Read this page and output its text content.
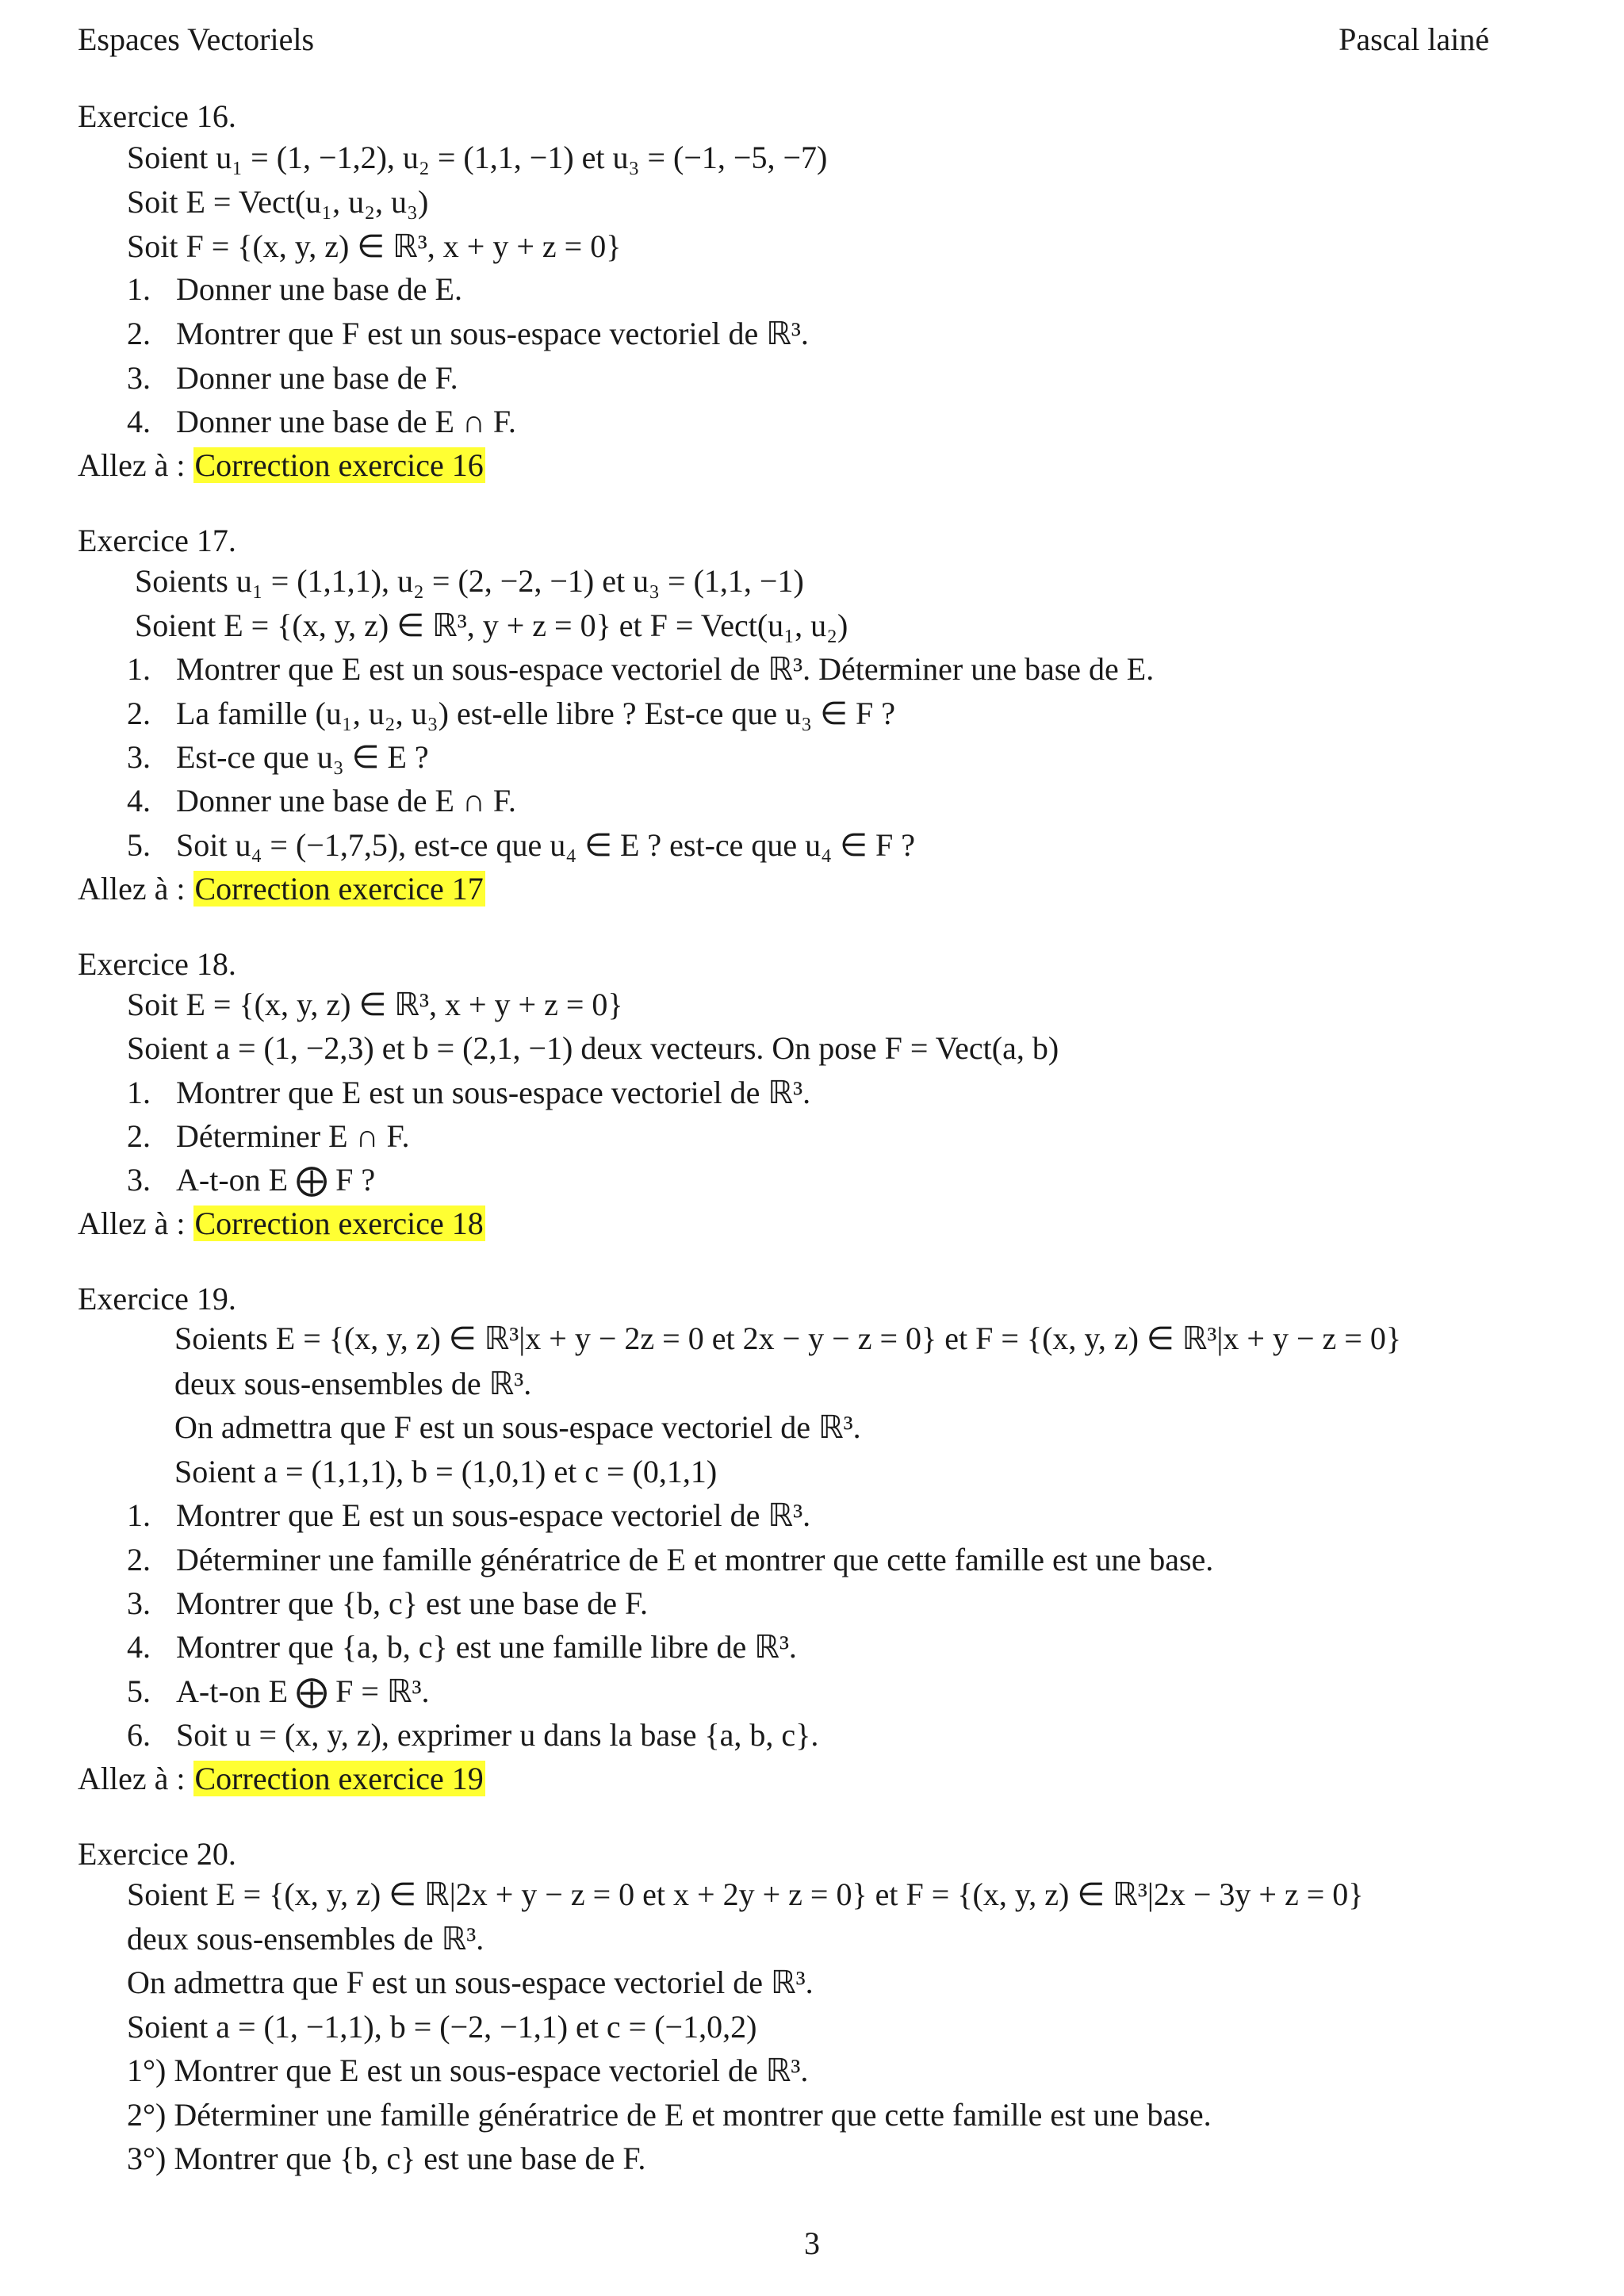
Espaces Vectoriels	Pascal lainé
Exercice 16.
Soient u₁ = (1, −1,2), u₂ = (1,1, −1) et u₃ = (−1, −5, −7)
Soit E = Vect(u₁, u₂, u₃)
Soit F = {(x, y, z) ∈ ℝ³, x + y + z = 0}
1. Donner une base de E.
2. Montrer que F est un sous-espace vectoriel de ℝ³.
3. Donner une base de F.
4. Donner une base de E ∩ F.
Allez à : Correction exercice 16
Exercice 17.
Soients u₁ = (1,1,1), u₂ = (2, −2, −1) et u₃ = (1,1, −1)
Soient E = {(x, y, z) ∈ ℝ³, y + z = 0} et F = Vect(u₁, u₂)
1. Montrer que E est un sous-espace vectoriel de ℝ³. Déterminer une base de E.
2. La famille (u₁, u₂, u₃) est-elle libre ? Est-ce que u₃ ∈ F ?
3. Est-ce que u₃ ∈ E ?
4. Donner une base de E ∩ F.
5. Soit u₄ = (−1,7,5), est-ce que u₄ ∈ E ? est-ce que u₄ ∈ F ?
Allez à : Correction exercice 17
Exercice 18.
Soit E = {(x, y, z) ∈ ℝ³, x + y + z = 0}
Soient a = (1, −2,3) et b = (2,1, −1) deux vecteurs. On pose F = Vect(a, b)
1. Montrer que E est un sous-espace vectoriel de ℝ³.
2. Déterminer E ∩ F.
3. A-t-on E ⨁ F ?
Allez à : Correction exercice 18
Exercice 19.
Soients E = {(x, y, z) ∈ ℝ³|x + y − 2z = 0 et 2x − y − z = 0} et F = {(x, y, z) ∈ ℝ³|x + y − z = 0}
deux sous-ensembles de ℝ³.
On admettra que F est un sous-espace vectoriel de ℝ³.
Soient a = (1,1,1), b = (1,0,1) et c = (0,1,1)
1. Montrer que E est un sous-espace vectoriel de ℝ³.
2. Déterminer une famille génératrice de E et montrer que cette famille est une base.
3. Montrer que {b, c} est une base de F.
4. Montrer que {a, b, c} est une famille libre de ℝ³.
5. A-t-on E ⨁ F = ℝ³.
6. Soit u = (x, y, z), exprimer u dans la base {a, b, c}.
Allez à : Correction exercice 19
Exercice 20.
Soient E = {(x, y, z) ∈ ℝ|2x + y − z = 0 et x + 2y + z = 0} et F = {(x, y, z) ∈ ℝ³|2x − 3y + z = 0}
deux sous-ensembles de ℝ³.
On admettra que F est un sous-espace vectoriel de ℝ³.
Soient a = (1, −1,1), b = (−2, −1,1) et c = (−1,0,2)
1°) Montrer que E est un sous-espace vectoriel de ℝ³.
2°) Déterminer une famille génératrice de E et montrer que cette famille est une base.
3°) Montrer que {b, c} est une base de F.
3
